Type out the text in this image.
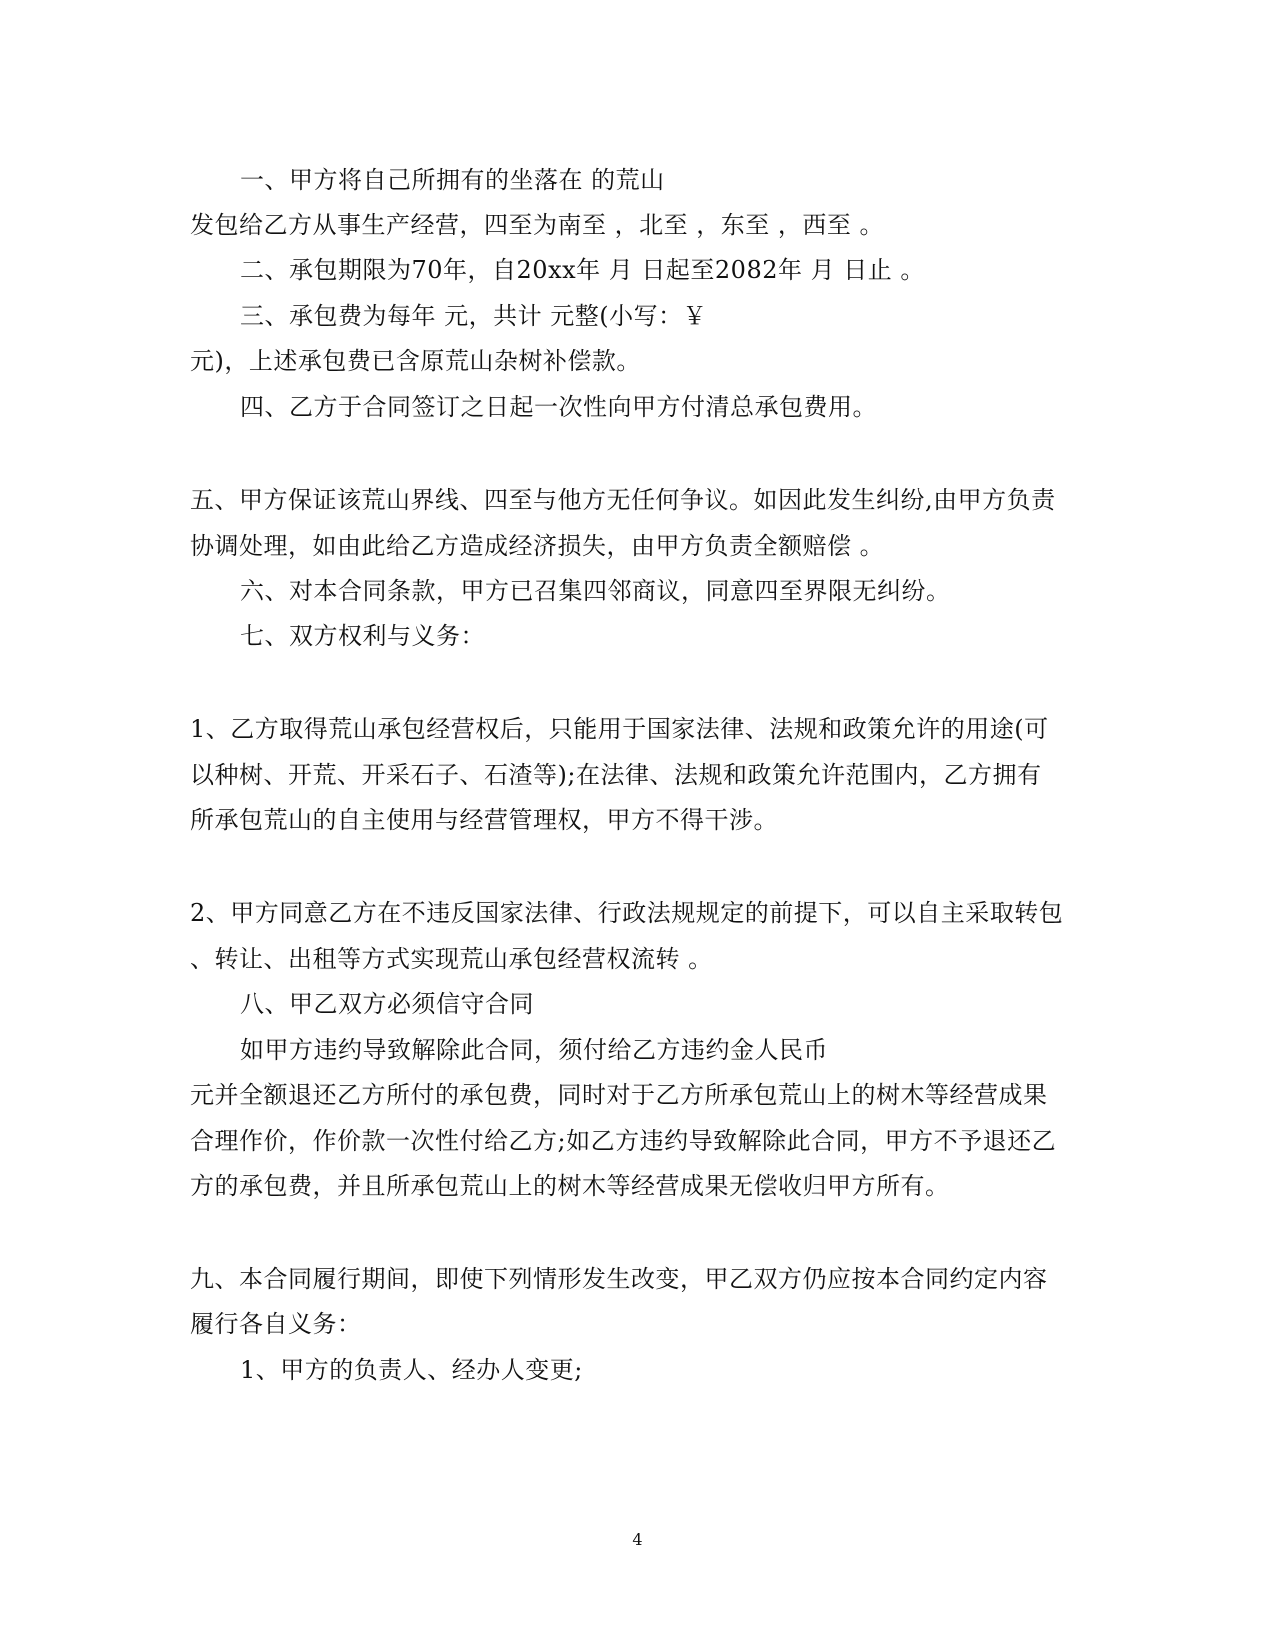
一、甲方将自己所拥有的坐落在 的荒山
发包给乙方从事生产经营，四至为南至 ，北至 ，东至 ，西至 。
二、承包期限为70年，自20xx年 月 日起至2082年 月 日止 。
三、承包费为每年 元，共计 元整(小写：￥
元)，上述承包费已含原荒山杂树补偿款。
四、乙方于合同签订之日起一次性向甲方付清总承包费用。
五、甲方保证该荒山界线、四至与他方无任何争议。如因此发生纠纷,由甲方负责
协调处理，如由此给乙方造成经济损失，由甲方负责全额赔偿 。
六、对本合同条款，甲方已召集四邻商议，同意四至界限无纠纷。
七、双方权利与义务：
1、乙方取得荒山承包经营权后，只能用于国家法律、法规和政策允许的用途(可
以种树、开荒、开采石子、石渣等);在法律、法规和政策允许范围内，乙方拥有
所承包荒山的自主使用与经营管理权，甲方不得干涉。
2、甲方同意乙方在不违反国家法律、行政法规规定的前提下，可以自主采取转包
、转让、出租等方式实现荒山承包经营权流转 。
八、甲乙双方必须信守合同
如甲方违约导致解除此合同，须付给乙方违约金人民币
元并全额退还乙方所付的承包费，同时对于乙方所承包荒山上的树木等经营成果
合理作价，作价款一次性付给乙方;如乙方违约导致解除此合同，甲方不予退还乙
方的承包费，并且所承包荒山上的树木等经营成果无偿收归甲方所有。
九、本合同履行期间，即使下列情形发生改变，甲乙双方仍应按本合同约定内容
履行各自义务：
1、甲方的负责人、经办人变更;
4
